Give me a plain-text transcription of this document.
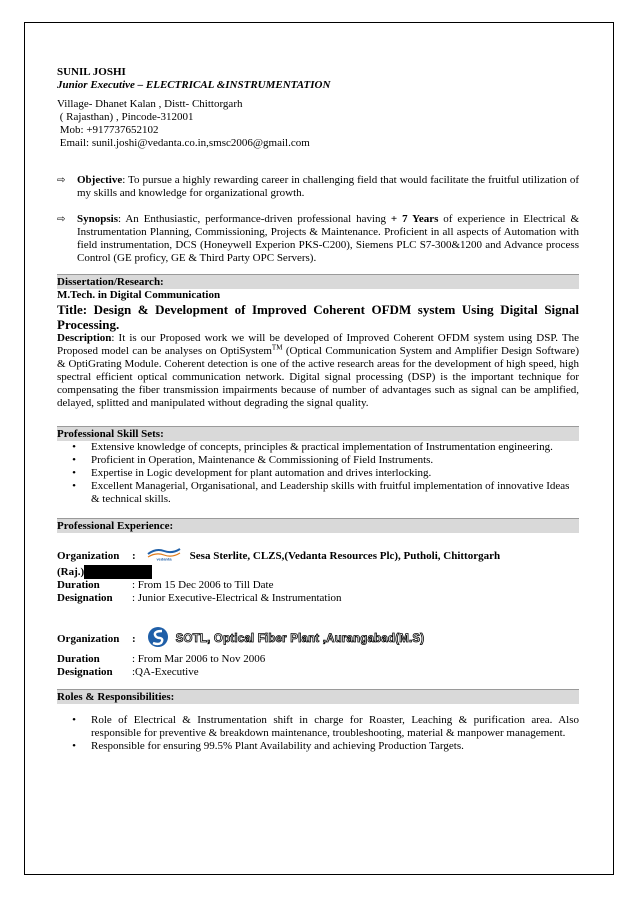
SUNIL JOSHI
Junior Executive – ELECTRICAL &INSTRUMENTATION
Village- Dhanet Kalan , Distt- Chittorgarh
( Rajasthan) , Pincode-312001
Mob: +917737652102
Email: sunil.joshi@vedanta.co.in,smsc2006@gmail.com
⇨	Objective: To pursue a highly rewarding career in challenging field that would facilitate the fruitful utilization of my skills and knowledge for organizational growth.
⇨	Synopsis: An Enthusiastic, performance-driven professional having + 7 Years of experience in Electrical & Instrumentation Planning, Commissioning, Projects & Maintenance. Proficient in all aspects of Automation with field instrumentation, DCS (Honeywell Experion PKS-C200), Siemens PLC S7-300&1200 and Advance process Control (GE proficy, GE & Third Party OPC Servers).
Dissertation/Research:
M.Tech. in Digital Communication
Title: Design & Development of Improved Coherent OFDM system Using Digital Signal Processing.
Description: It is our Proposed work we will be developed of Improved Coherent OFDM system using DSP. The Proposed model can be analyses on OptiSystem™ (Optical Communication System and Amplifier Design Software) & OptiGrating Module. Coherent detection is one of the active research areas for the development of high speed, high spectral efficient optical communication network. Digital signal processing (DSP) is the important technique for compensating the fiber transmission impairments because of number of advantages such as signal can be amplified, delayed, splitted and manipulated without degrading the signal quality.
Professional Skill Sets:
•	Extensive knowledge of concepts, principles & practical implementation of Instrumentation engineering.
•	Proficient in Operation, Maintenance & Commissioning of Field Instruments.
•	Expertise in Logic development for plant automation and drives interlocking.
•	Excellent Managerial, Organisational, and Leadership skills with fruitful implementation of innovative Ideas & technical skills.
Professional Experience:
Organization	:	vedanta Sesa Sterlite, CLZS,(Vedanta Resources Plc), Putholi, Chittorgarh
(Raj.)
Duration	: From 15 Dec 2006 to Till Date
Designation	: Junior Executive-Electrical & Instrumentation
Organization	:	SOTL, Optical Fiber Plant ,Aurangabad(M.S)
Duration	: From Mar 2006 to Nov 2006
Designation	:QA-Executive
Roles & Responsibilities:
•	Role of Electrical & Instrumentation shift in charge for Roaster, Leaching & purification area. Also responsible for preventive & breakdown maintenance, troubleshooting, material & manpower management.
•	Responsible for ensuring 99.5% Plant Availability and achieving Production Targets.
